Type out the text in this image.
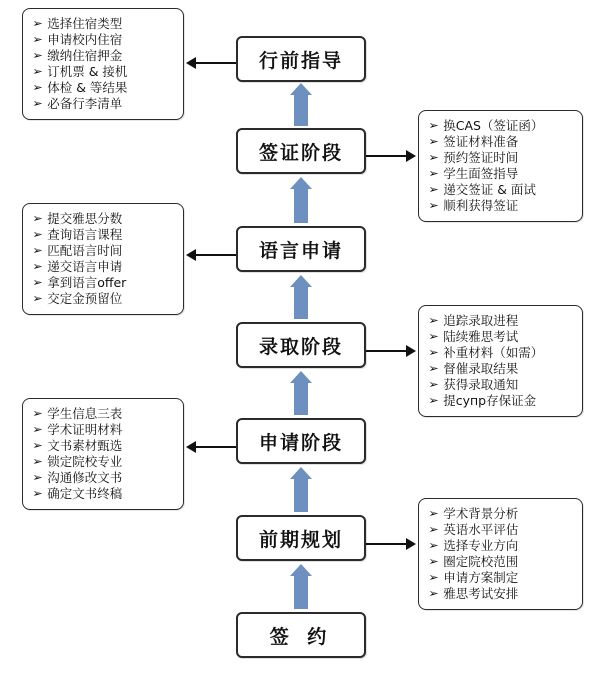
➢ 选择住宿类型
➢ 申请校内住宿
➢ 缴纳住宿押金
➢ 订机票 & 接机
➢ 体检 & 等结果
➢ 必备行李清单
➢ 换CAS（签证函）
➢ 签证材料准备
➢ 预约签证时间
➢ 学生面签指导
➢ 递交签证 & 面试
➢ 顺利获得签证
➢ 提交雅思分数
➢ 查询语言课程
➢ 匹配语言时间
➢ 递交语言申请
➢ 拿到语言offer
➢ 交定金预留位
➢ 追踪录取进程
➢ 陆续雅思考试
➢ 补重材料（如需）
➢ 督催录取结果
➢ 获得录取通知
➢ 提супр存保证金
➢ 学生信息三表
➢ 学术证明材料
➢ 文书素材甄选
➢ 锁定院校专业
➢ 沟通修改文书
➢ 确定文书终稿
➢ 学术背景分析
➢ 英语水平评估
➢ 选择专业方向
➢ 圈定院校范围
➢ 申请方案制定
➢ 雅思考试安排
行前指导
签证阶段
语言申请
录取阶段
申请阶段
前期规划
签 约
